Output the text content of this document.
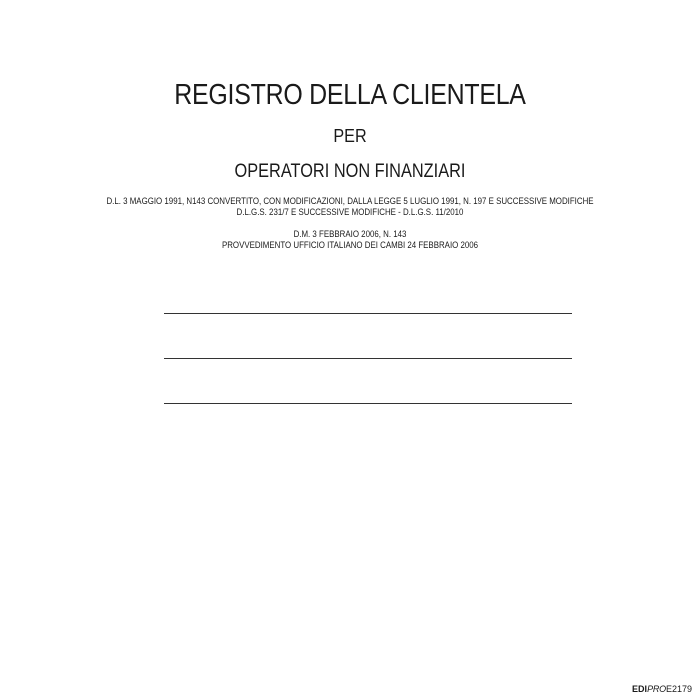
REGISTRO DELLA CLIENTELA
PER
OPERATORI NON FINANZIARI
D.L. 3 MAGGIO 1991, N143 CONVERTITO, CON MODIFICAZIONI, DALLA LEGGE 5 LUGLIO 1991, N. 197 E SUCCESSIVE MODIFICHE
D.L.G.S. 231/7 E SUCCESSIVE MODIFICHE - D.L.G.S. 11/2010
D.M. 3 FEBBRAIO 2006, N. 143
PROVVEDIMENTO UFFICIO ITALIANO DEI CAMBI 24 FEBBRAIO 2006
EDIPROE2179
